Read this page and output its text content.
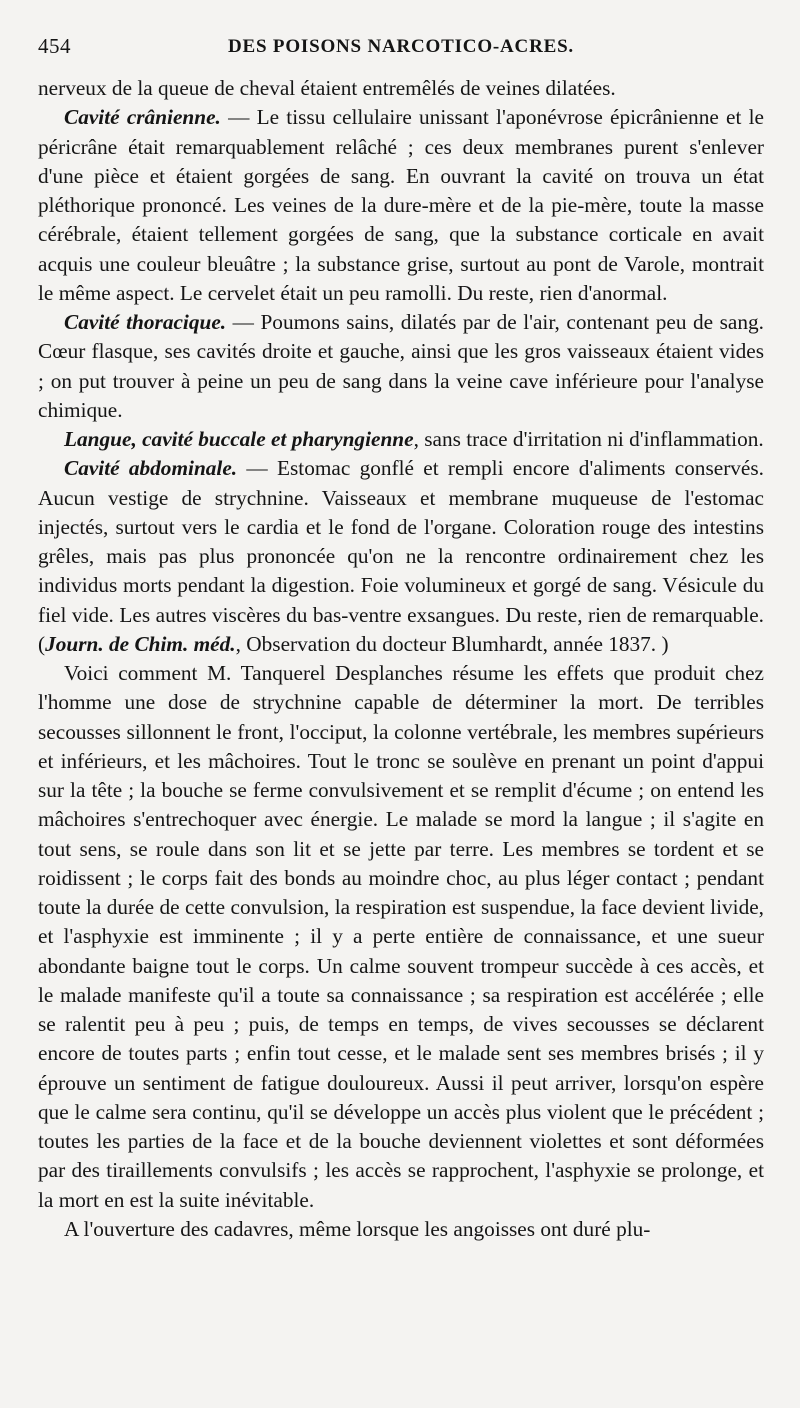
454	DES POISONS NARCOTICO-ACRES.

nerveux de la queue de cheval étaient entremêlés de veines dilatées.

Cavité crânienne. — Le tissu cellulaire unissant l'aponévrose épicrânienne et le péricrâne était remarquablement relâché ; ces deux membranes purent s'enlever d'une pièce et étaient gorgées de sang. En ouvrant la cavité on trouva un état pléthorique prononcé. Les veines de la dure-mère et de la pie-mère, toute la masse cérébrale, étaient tellement gorgées de sang, que la substance corticale en avait acquis une couleur bleuâtre ; la substance grise, surtout au pont de Varole, montrait le même aspect. Le cervelet était un peu ramolli. Du reste, rien d'anormal.

Cavité thoracique. — Poumons sains, dilatés par de l'air, contenant peu de sang. Cœur flasque, ses cavités droite et gauche, ainsi que les gros vaisseaux étaient vides ; on put trouver à peine un peu de sang dans la veine cave inférieure pour l'analyse chimique.

Langue, cavité buccale et pharyngienne, sans trace d'irritation ni d'inflammation.

Cavité abdominale. — Estomac gonflé et rempli encore d'aliments conservés. Aucun vestige de strychnine. Vaisseaux et membrane muqueuse de l'estomac injectés, surtout vers le cardia et le fond de l'organe. Coloration rouge des intestins grêles, mais pas plus prononcée qu'on ne la rencontre ordinairement chez les individus morts pendant la digestion. Foie volumineux et gorgé de sang. Vésicule du fiel vide. Les autres viscères du bas-ventre exsangues. Du reste, rien de remarquable. (Journ. de Chim. méd., Observation du docteur Blumhardt, année 1837. )

Voici comment M. Tanquerel Desplanches résume les effets que produit chez l'homme une dose de strychnine capable de déterminer la mort. De terribles secousses sillonnent le front, l'occiput, la colonne vertébrale, les membres supérieurs et inférieurs, et les mâchoires. Tout le tronc se soulève en prenant un point d'appui sur la tête ; la bouche se ferme convulsivement et se remplit d'écume ; on entend les mâchoires s'entrechoquer avec énergie. Le malade se mord la langue ; il s'agite en tout sens, se roule dans son lit et se jette par terre. Les membres se tordent et se roidissent ; le corps fait des bonds au moindre choc, au plus léger contact ; pendant toute la durée de cette convulsion, la respiration est suspendue, la face devient livide, et l'asphyxie est imminente ; il y a perte entière de connaissance, et une sueur abondante baigne tout le corps. Un calme souvent trompeur succède à ces accès, et le malade manifeste qu'il a toute sa connaissance ; sa respiration est accélérée ; elle se ralentit peu à peu ; puis, de temps en temps, de vives secousses se déclarent encore de toutes parts ; enfin tout cesse, et le malade sent ses membres brisés ; il y éprouve un sentiment de fatigue douloureux. Aussi il peut arriver, lorsqu'on espère que le calme sera continu, qu'il se développe un accès plus violent que le précédent ; toutes les parties de la face et de la bouche deviennent violettes et sont déformées par des tiraillements convulsifs ; les accès se rapprochent, l'asphyxie se prolonge, et la mort en est la suite inévitable.

A l'ouverture des cadavres, même lorsque les angoisses ont duré plu-
